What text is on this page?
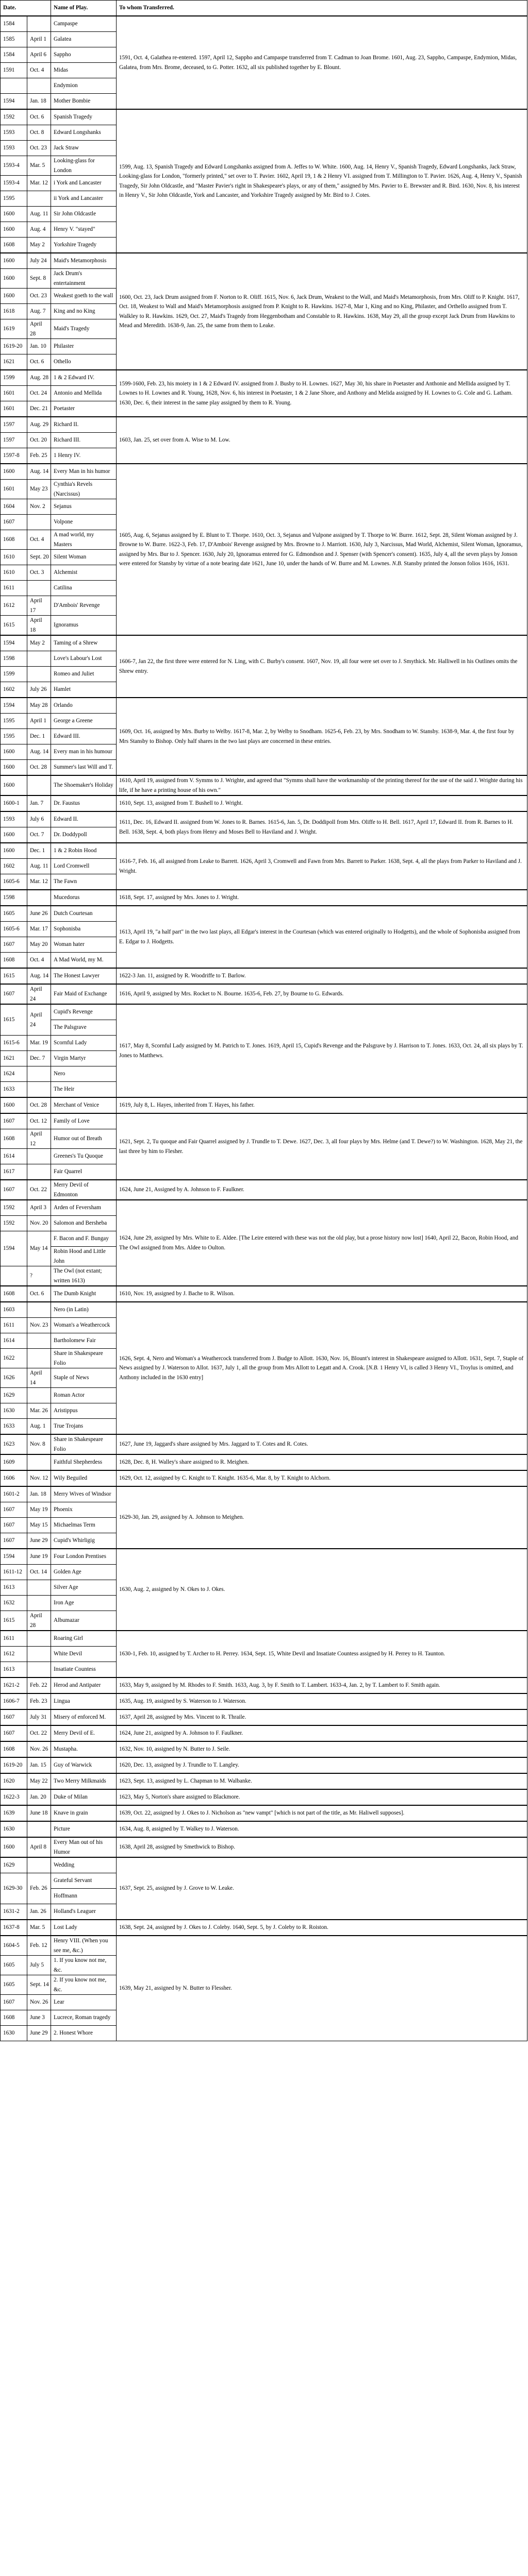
Date.		Name of Play.	To whom Transferred.
1584		Campaspe	1591, Oct. 4, Galathea re-entered. 1597, April 12, Sappho and Campaspe transferred from T. Cadman to Joan Brome. 1601, Aug. 23, Sappho, Campaspe, Endymion, Midas, Galatea, from Mrs. Brome, deceased, to G. Potter. 1632, all six published together by E. Blount.
1585	April 1	Galatea	
1584	April 6	Sappho	
1591	Oct. 4	Midas	
		Endymion	
1594	Jan. 18	Mother Bombie	
1592	Oct. 6	Spanish Tragedy	1599, Aug. 13, Spanish Tragedy and Edward Longshanks assigned from A. Jeffes to W. White. 1600, Aug. 14, Henry V., Spanish Tragedy, Edward Longshanks, Jack Straw, Looking-glass for London, "formerly printed," set over to T. Pavier. 1602, April 19, 1 & 2 Henry VI. assigned from T. Millington to T. Pavier. 1626, Aug. 4, Henry V., Spanish Tragedy, Sir John Oldcastle, and "Master Pavier's right in Shakespeare's plays, or any of them," assigned by Mrs. Pavier to E. Brewster and R. Bird. 1630, Nov. 8, his interest in Henry V., Sir John Oldcastle, York and Lancaster, and Yorkshire Tragedy assigned by Mr. Bird to J. Cotes.
1593	Oct. 8	Edward Longshanks	
1593	Oct. 23	Jack Straw	
1593-4	Mar. 5	Looking-glass for London	
1593-4	Mar. 12	i York and Lancaster	
1595		ii York and Lancaster	
1600	Aug. 11	Sir John Oldcastle	
1600	Aug. 4	Henry V. "stayed"	
1608	May 2	Yorkshire Tragedy	
1600	July 24	Maid's Metamorphosis	1600, Oct. 23, Jack Drum assigned from F. Norton to R. Oliff. 1615, Nov. 6, Jack Drum, Weakest to the Wall, and Maid's Metamorphosis, from Mrs. Oliff to P. Knight. 1617, Oct. 18, Weakest to Wall and Maid's Metamorphosis assigned from P. Knight to R. Hawkins. 1627-8, Mar 1, King and no King, Philaster, and Orthello assigned from T. Walkley to R. Hawkins. 1629, Oct. 27, Maid's Tragedy from Heggenbotham and Constable to R. Hawkins. 1638, May 29, all the group except Jack Drum from Hawkins to Mead and Meredith. 1638-9, Jan. 25, the same from them to Leake.
1600	Sept. 8	Jack Drum's entertainment	
1600	Oct. 23	Weakest goeth to the wall	
1618	Aug. 7	King and no King	
1619	April 28	Maid's Tragedy	
1619-20	Jan. 10	Philaster	
1621	Oct. 6	Othello	
1599	Aug. 28	1 & 2 Edward IV.	1599-1600, Feb. 23, his moiety in 1 & 2 Edward IV. assigned from J. Busby to H. Lownes. 1627, May 30, his share in Poetaster and Anthonie and Mellida assigned by T. Lownes to H. Lownes and R. Young, 1628, Nov. 6, his interest in Poetaster, 1 & 2 Jane Shore, and Anthony and Melida assigned by H. Lownes to G. Cole and G. Latham. 1630, Dec. 6, their interest in the same play assigned by them to R. Young.
1601	Oct. 24	Antonio and Mellida	
1601	Dec. 21	Poetaster	
1597	Aug. 29	Richard II.	1603, Jan. 25, set over from A. Wise to M. Low.
1597	Oct. 20	Richard III.	
1597-8	Feb. 25	1 Henry IV.	
1600	Aug. 14	Every Man in his humor	1605, Aug. 6, Sejanus assigned by E. Blunt to T. Thorpe. 1610, Oct. 3, Sejanus and Vulpone assigned by T. Thorpe to W. Burre. 1612, Sept. 28, Silent Woman assigned by J. Browne to W. Burre. 1622-3, Feb. 17, D'Ambois' Revenge assigned by Mrs. Browne to J. Marriott. 1630, July 3, Narcissus, Mad World, Alchemist, Silent Woman, Ignoramus, assigned by Mrs. Bur to J. Spencer. 1630, July 20, Ignoramus entered for G. Edmondson and J. Spenser (with Spencer's consent). 1635, July 4, all the seven plays by Jonson were entered for Stansby by virtue of a note bearing date 1621, June 10, under the hands of W. Burre and M. Lownes. N.B. Stansby printed the Jonson folios 1616, 1631.
1601	May 23	Cynthia's Revels (Narcissus)	
1604	Nov. 2	Sejanus	
1607		Volpone	
1608	Oct. 4	A mad world, my Masters	
1610	Sept. 20	Silent Woman	
1610	Oct. 3	Alchemist	
1611		Catilina	
1612	April 17	D'Ambois' Revenge	
1615	April 18	Ignoramus	
1594	May 2	Taming of a Shrew	1606-7, Jan 22, the first three were entered for N. Ling, with C. Burby's consent. 1607, Nov. 19, all four were set over to J. Smythick. Mr. Halliwell in his Outlines omits the Shrew entry.
1598		Love's Labour's Lost	
1599		Romeo and Juliet	
1602	July 26	Hamlet	
1594	May 28	Orlando	1609, Oct. 16, assigned by Mrs. Burby to Welby. 1617-8, Mar. 2, by Welby to Snodham. 1625-6, Feb. 23, by Mrs. Snodham to W. Stansby. 1638-9, Mar. 4, the first four by Mrs Stansby to Bishop. Only half shares in the two last plays are concerned in these entries.
1595	April 1	George a Greene	
1595	Dec. 1	Edward III.	
1600	Aug. 14	Every man in his humour	
1600	Oct. 28	Summer's last Will and T.	
1600		The Shoemaker's Holiday	1610, April 19, assigned from V. Symms to J. Wrighte, and agreed that "Symms shall have the workmanship of the printing thereof for the use of the said J. Wrighte during his life, if he have a printing house of his own."
1600-1	Jan. 7	Dr. Faustus	1610, Sept. 13, assigned from T. Bushell to J. Wright.
1593	July 6	Edward II.	1611, Dec. 16, Edward II. assigned from W. Jones to R. Barnes. 1615-6, Jan. 5, Dr. Doddipoll from Mrs. Oliffe to H. Bell. 1617, April 17, Edward II. from R. Barnes to H. Bell. 1638, Sept. 4, both plays from Henry and Moses Bell to Haviland and J. Wright.
1600	Oct. 7	Dr. Doddypoll	
1600	Dec. 1	1 & 2 Robin Hood	1616-7, Feb. 16, all assigned from Leake to Barrett. 1626, April 3, Cromwell and Fawn from Mrs. Barrett to Parker. 1638, Sept. 4, all the plays from Parker to Haviland and J. Wright.
1602	Aug. 11	Lord Cromwell	
1605-6	Mar. 12	The Fawn	
1598		Mucedorus	1618, Sept. 17, assigned by Mrs. Jones to J. Wright.
1605	June 26	Dutch Courtesan	1613, April 19, "a half part" in the two last plays, all Edgar's interest in the Courtesan (which was entered originally to Hodgetts), and the whole of Sophonisba assigned from E. Edgar to J. Hodgetts.
1605-6	Mar. 17	Sophonisba	
1607	May 20	Woman hater	
1608	Oct. 4	A Mad World, my M.	
1615	Aug. 14	The Honest Lawyer	1622-3 Jan. 11, assigned by R. Woodriffe to T. Barlow.
1607	April 24	Fair Maid of Exchange	1616, April 9, assigned by Mrs. Rocket to N. Bourne. 1635-6, Feb. 27, by Bourne to G. Edwards.
1615	April 24	Cupid's Revenge	1617, May 8, Scornful Lady assigned by M. Patrich to T. Jones. 1619, April 15, Cupid's Revenge and the Palsgrave by J. Harrison to T. Jones. 1633, Oct. 24, all six plays by T. Jones to Matthews.
		The Palsgrave	
1615-6	Mar. 19	Scornful Lady	
1621	Dec. 7	Virgin Martyr	
1624		Nero	
1633		The Heir	
1600	Oct. 28	Merchant of Venice	1619, July 8, L. Hayes, inherited from T. Hayes, his father.
1607	Oct. 12	Family of Love	1621, Sept. 2, Tu quoque and Fair Quarrel assigned by J. Trundle to T. Dewe. 1627, Dec. 3, all four plays by Mrs. Helme (and T. Dewe?) to W. Washington. 1628, May 21, the last three by him to Flesher.
1608	April 12	Humor out of Breath	
1614		Greenes's Tu Quoque	
1617		Fair Quarrel	
1607	Oct. 22	Merry Devil of Edmonton	1624, June 21, Assigned by A. Johnson to F. Faulkner.
1592	April 3	Arden of Feversham	1624, June 29, assigned by Mrs. White to E. Aldee. [The Leire entered with these was not the old play, but a prose history now lost] 1640, April 22, Bacon, Robin Hood, and The Owl assigned from Mrs. Aldee to Oulton.
1592	Nov. 20	Salomon and Bersheba	
1594	May 14	F. Bacon and F. Bungay	
		Robin Hood and Little John	
	?	The Owl (not extant; written 1613)	
1608	Oct. 6	The Dumb Knight	1610, Nov. 19, assigned by J. Bache to R. Wilson.
1603		Nero (in Latin)	1626, Sept. 4, Nero and Woman's a Weathercock transferred from J. Budge to Allott. 1630, Nov. 16, Blount's interest in Shakespeare assigned to Allott. 1631, Sept. 7, Staple of News assigned by J. Waterson to Allot. 1637, July 1, all the group from Mrs Allott to Legatt and A. Crook. [N.B. 1 Henry VI, is called 3 Henry VI., Troylus is omitted, and Anthony included in the 1630 entry]
1611	Nov. 23	Woman's a Weathercock	
1614		Bartholomew Fair	
1622		Share in Shakespeare Folio	
1626	April 14	Staple of News	
1629		Roman Actor	
1630	Mar. 26	Aristippus	
1633	Aug. 1	True Trojans	
1623	Nov. 8	Share in Shakespeare Folio	1627, June 19, Jaggard's share assigned by Mrs. Jaggard to T. Cotes and R. Cotes.
1609		Faithful Shepherdess	1628, Dec. 8, H. Walley's share assigned to R. Meighen.
1606	Nov. 12	Wily Beguiled	1629, Oct. 12, assigned by C. Knight to T. Knight. 1635-6, Mar. 8, by T. Knight to Alchorn.
1601-2	Jan. 18	Merry Wives of Windsor	1629-30, Jan. 29, assigned by A. Johnson to Meighen.
1607	May 19	Phoenix	
1607	May 15	Michaelmas Term	
1607	June 29	Cupid's Whirligig	
1594	June 19	Four London Prentises	1630, Aug. 2, assigned by N. Okes to J. Okes.
1611-12	Oct. 14	Golden Age	
1613		Silver Age	
1632		Iron Age	
1615	April 28	Albumazar	
1611		Roaring Girl	1630-1, Feb. 10, assigned by T. Archer to H. Perrey. 1634, Sept. 15, White Devil and Insatiate Countess assigned by H. Perrey to H. Taunton.
1612		White Devil	
1613		Insatiate Countess	
1621-2	Feb. 22	Herod and Antipater	1633, May 9, assigned by M. Rhodes to F. Smith. 1633, Aug. 3, by F. Smith to T. Lambert. 1633-4, Jan. 2, by T. Lambert to F. Smith again.
1606-7	Feb. 23	Lingua	1635, Aug. 19, assigned by S. Waterson to J. Waterson.
1607	July 31	Misery of enforced M.	1637, April 28, assigned by Mrs. Vincent to R. Thraile.
1607	Oct. 22	Merry Devil of E.	1624, June 21, assigned by A. Johnson to F. Faulkner.
1608	Nov. 26	Mustapha.	1632, Nov. 10, assigned by N. Butter to J. Seile.
1619-20	Jan. 15	Guy of Warwick	1620, Dec. 13, assigned by J. Trundle to T. Langley.
1620	May 22	Two Merry Milkmaids	1623, Sept. 13, assigned by L. Chapman to M. Walbanke.
1622-3	Jan. 20	Duke of Milan	1623, May 5, Norton's share assigned to Blackmore.
1639	June 18	Knave in grain	1639, Oct. 22, assigned by J. Okes to J. Nicholson as "new vampt" [which is not part of the title, as Mr. Haliwell supposes].
1630		Picture	1634, Aug. 8, assigned by T. Walkey to J. Waterson.
1600	April 8	Every Man out of his Humor	1638, April 28, assigned by Smethwick to Bishop.
1629		Wedding	1637, Sept. 25, assigned by J. Grove to W. Leake.
1629-30	Feb. 26	Grateful Servant	
		Hoffmann	
1631-2	Jan. 26	Holland's Leaguer	
1637-8	Mar. 5	Lost Lady	1638, Sept. 24, assigned by J. Okes to J. Coleby. 1640, Sept. 5, by J. Coleby to R. Roiston.
1604-5	Feb. 12	Henry VIII. (When you see me, &c.)	1639, May 21, assigned by N. Butter to Flessher.
1605	July 5	1. If you know not me, &c.	
1605	Sept. 14	2. If you know not me, &c.	
1607	Nov. 26	Lear	
1608	June 3	Lucrece, Roman tragedy	
1630	June 29	2. Honest Whore	
